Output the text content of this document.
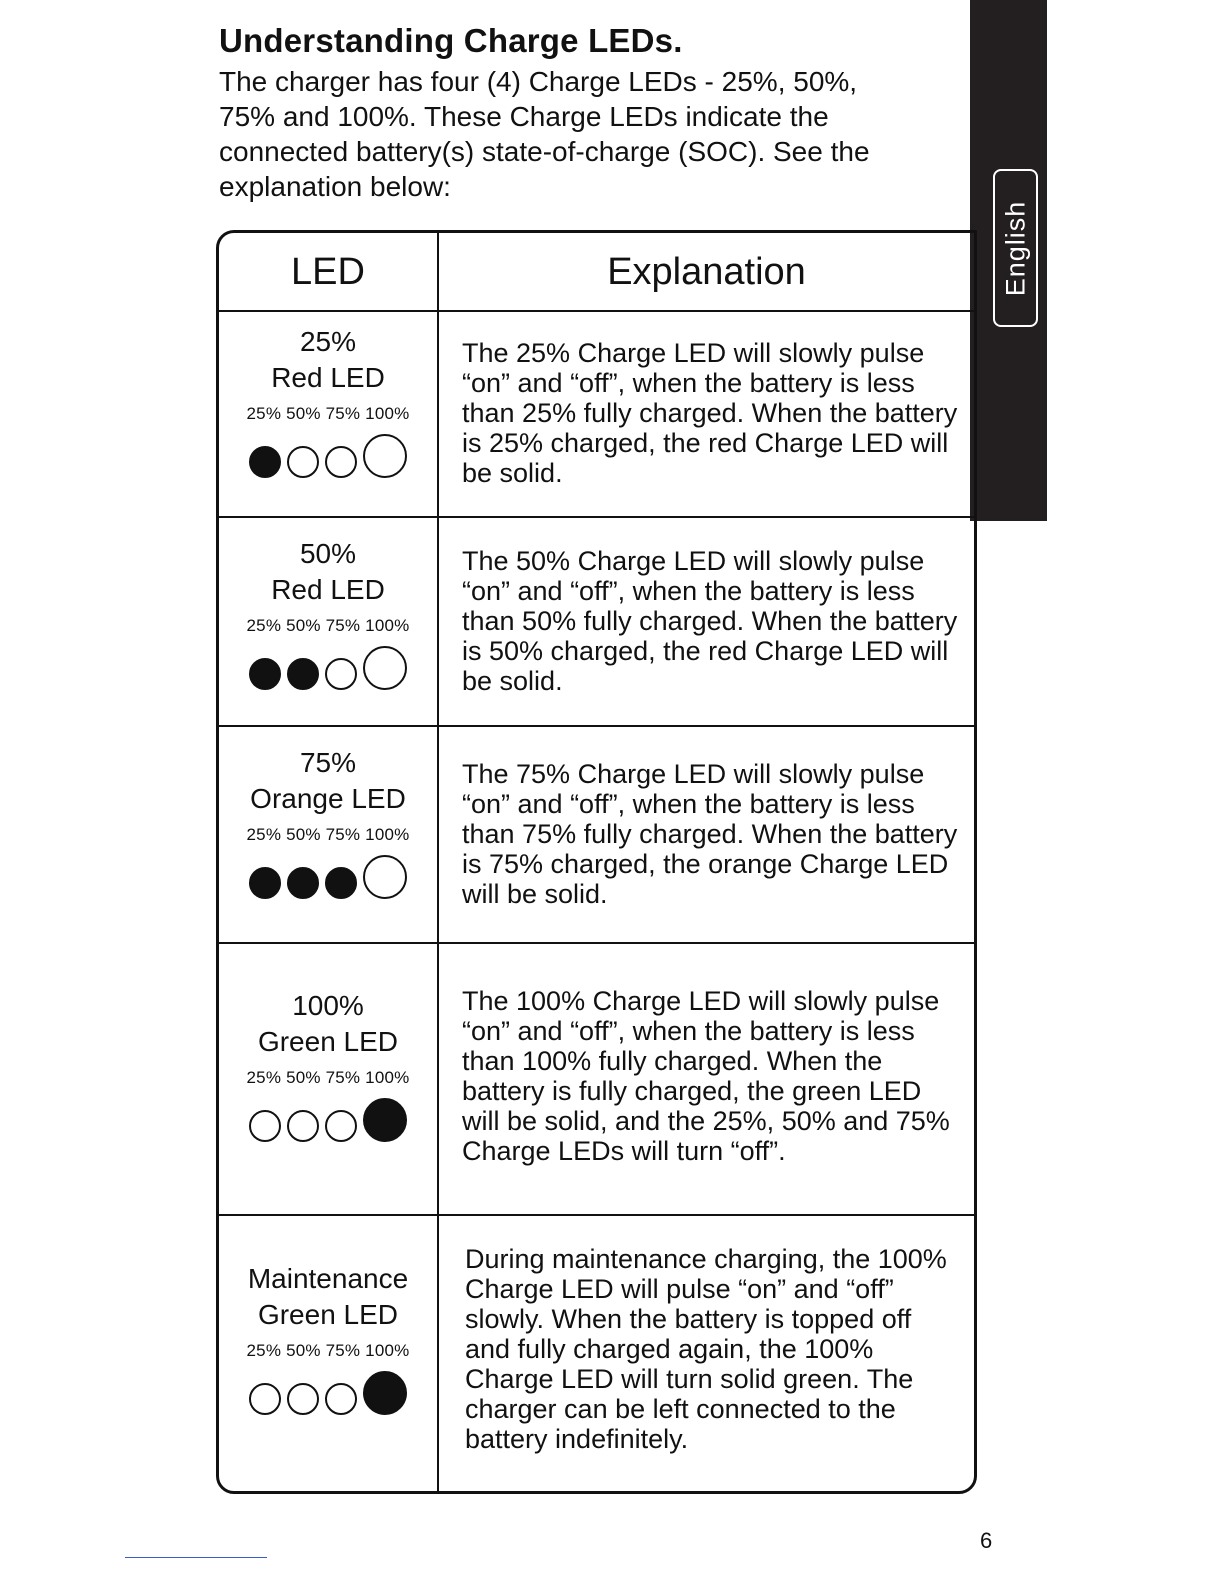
Understanding Charge LEDs.

The charger has four (4) Charge LEDs - 25%, 50%, 75% and 100%. These Charge LEDs indicate the connected battery(s) state-of-charge (SOC). See the explanation below:

English
LED	Explanation
25%
Red LED
25% 50% 75% 100%

The 25% Charge LED will slowly pulse “on” and “off”, when the battery is less than 25% fully charged. When the battery is 25% charged, the red Charge LED will be solid.

50%
Red LED
25% 50% 75% 100%

The 50% Charge LED will slowly pulse “on” and “off”, when the battery is less than 50% fully charged. When the battery is 50% charged, the red Charge LED will be solid.

75%
Orange LED
25% 50% 75% 100%

The 75% Charge LED will slowly pulse “on” and “off”, when the battery is less than 75% fully charged. When the battery is 75% charged, the orange Charge LED will be solid.

100%
Green LED
25% 50% 75% 100%

The 100% Charge LED will slowly pulse “on” and “off”, when the battery is less than 100% fully charged. When the battery is fully charged, the green LED will be solid, and the 25%, 50% and 75% Charge LEDs will turn “off”.

Maintenance
Green LED
25% 50% 75% 100%

During maintenance charging, the 100% Charge LED will pulse “on” and “off” slowly. When the battery is topped off and fully charged again, the 100% Charge LED will turn solid green. The charger can be left connected to the battery indefinitely.

6
